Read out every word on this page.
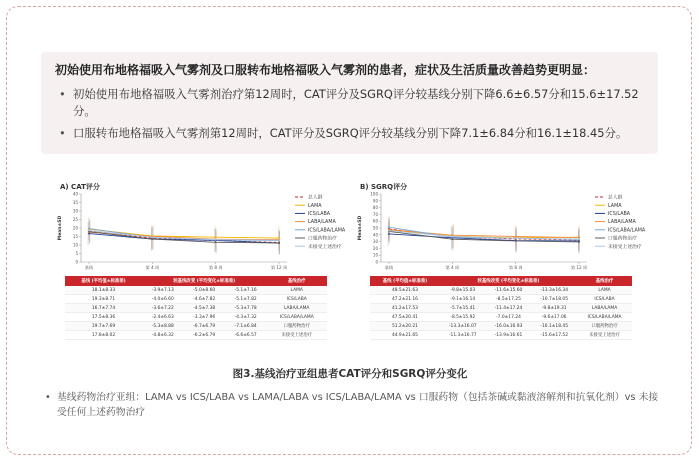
初始使用布地格福吸入气雾剂及口服转布地格福吸入气雾剂的患者，症状及生活质量改善趋势更明显：
• 初始使用布地格福吸入气雾剂治疗第12周时，CAT评分及SGRQ评分较基线分别下降6.6±6.57分和15.6±17.52分。
• 口服转布地格福吸入气雾剂第12周时，CAT评分及SGRQ评分较基线分别下降7.1±6.84分和16.1±18.45分。
A) CAT评分
Mean±SD
0
5
10
15
20
25
30
35
40
基线	第 4 周	第 8 周	第 12 周
总人群
LAMA
ICS/LABA
LABA/LAMA
ICS/LABA/LAMA
口服药物治疗
未接受上述治疗
基线 (平均值±标准差)	较基线改变 (平均变化±标准差)			基线治疗
18.1±8.33	-3.9±7.13	-5.0±8.60	-5.1±7.16	LAMA
19.3±8.71	-4.0±6.60	-4.6±7.82	-5.1±7.82	ICS/LABA
16.7±7.74	-3.6±7.22	-4.5±7.38	-5.3±7.78	LABA/LAMA
17.5±8.36	-2.4±6.63	-3.3±7.96	-4.3±7.32	ICS/LABA/LAMA
19.7±7.69	-5.3±8.88	-6.7±6.79	-7.1±6.84	口服药物治疗
17.8±8.02	-4.8±6.32	-6.2±6.79	-6.6±6.57	未接受上述治疗
B) SGRQ评分
Mean±SD
0
10
20
30
40
50
60
70
80
90
100
基线	第 4 周	第 8 周	第 12 周
总人群
LAMA
ICS/LABA
LABA/LAMA
ICS/LABA/LAMA
口服药物治疗
未接受上述治疗
基线 (平均值±标准差)	较基线改变 (平均变化±标准差)			基线治疗
48.5±21.63	-9.8±15.03	-11.6±15.60	-13.3±16.34	LAMA
47.2±21.16	-9.1±16.14	-8.5±17.25	-10.7±18.05	ICS/LABA
41.2±17.53	-5.7±15.41	-11.4±17.24	-9.8±19.31	LABA/LAMA
47.5±20.41	-8.5±15.92	-7.0±17.24	-9.6±17.06	ICS/LABA/LAMA
51.2±20.21	-13.3±16.07	-16.0±16.93	-16.1±18.45	口服药物治疗
44.9±21.65	-11.3±16.77	-13.9±16.61	-15.6±17.52	未接受上述治疗
图3.基线治疗亚组患者CAT评分和SGRQ评分变化
• 基线药物治疗亚组：LAMA vs ICS/LABA vs LAMA/LABA vs ICS/LABA/LAMA vs 口服药物（包括茶碱或黏液溶解剂和抗氧化剂）vs 未接受任何上述药物治疗
